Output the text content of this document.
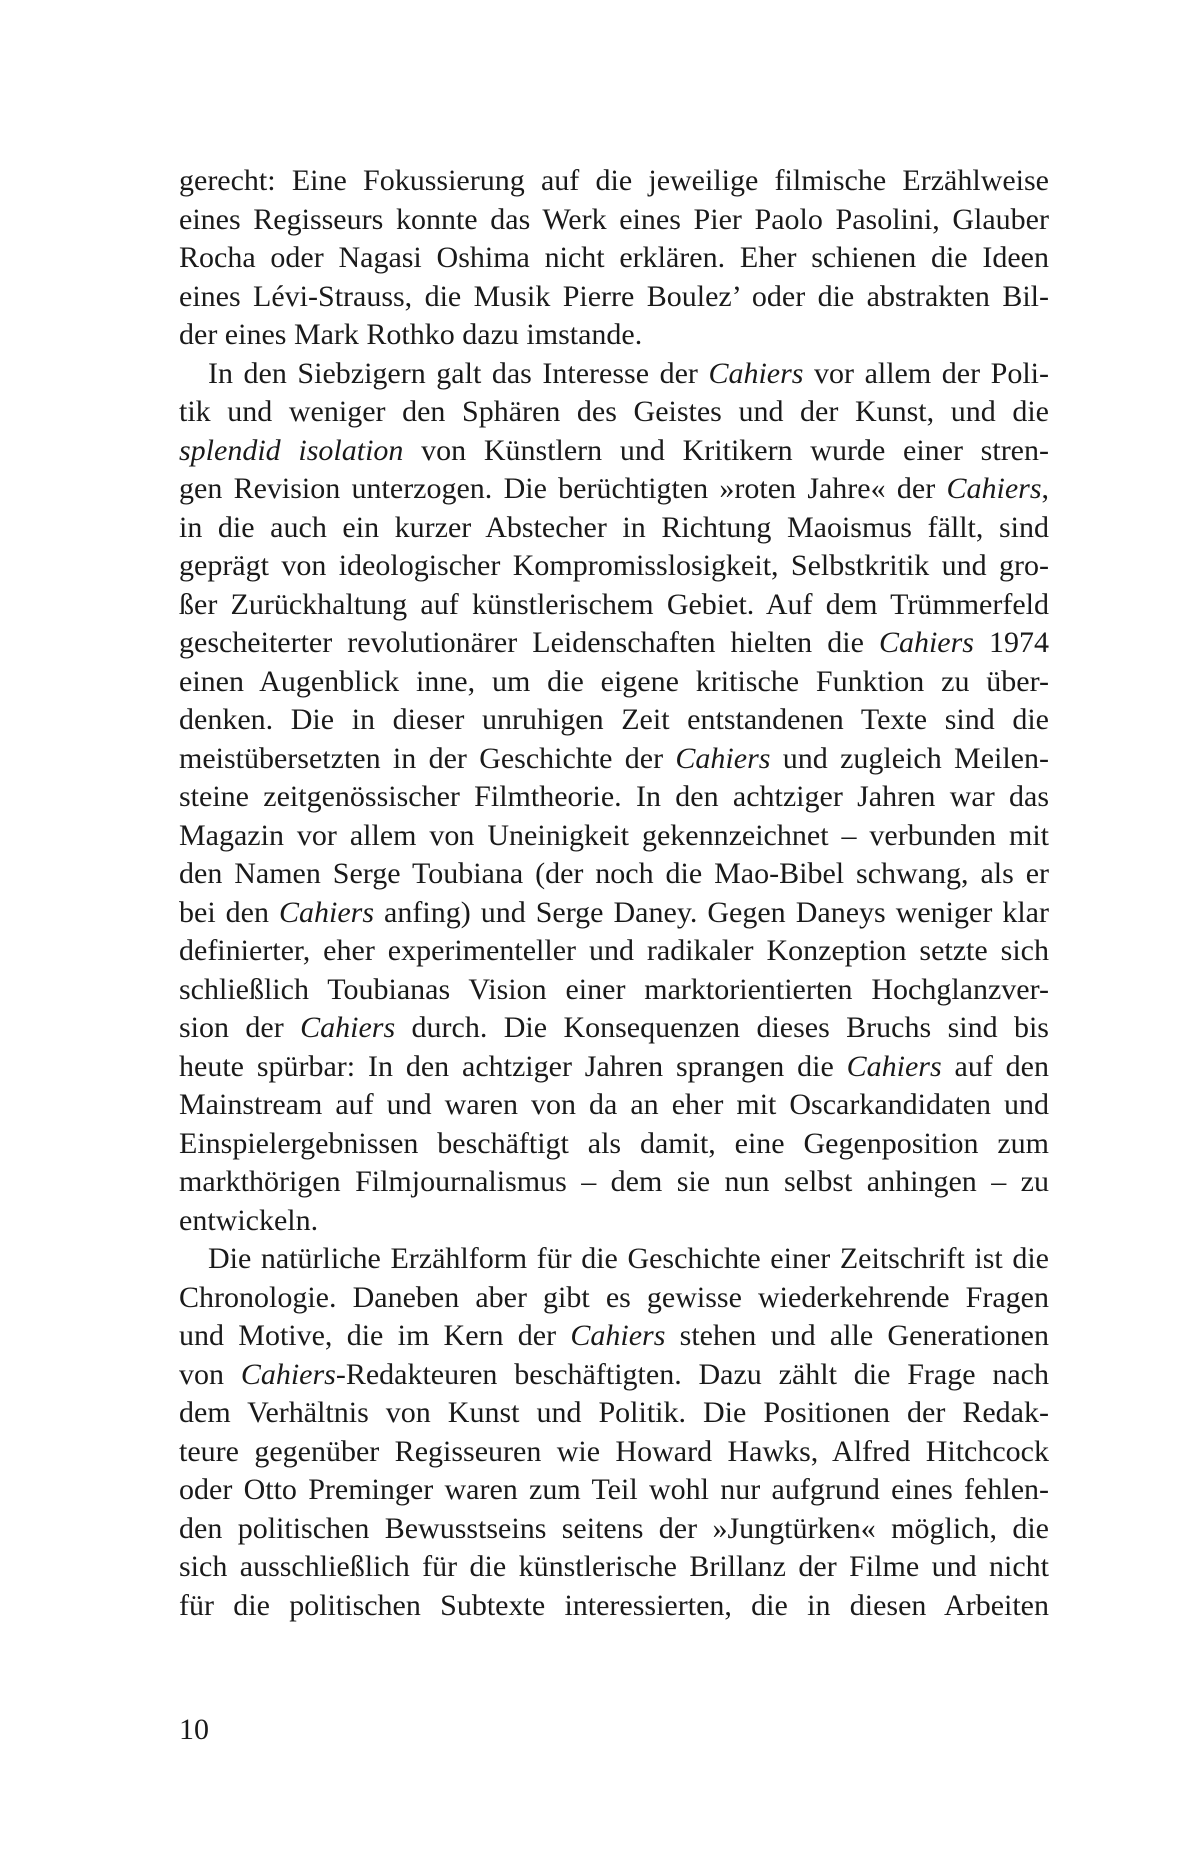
gerecht: Eine Fokussierung auf die jeweilige filmische Erzählweise
eines Regisseurs konnte das Werk eines Pier Paolo Pasolini, Glauber
Rocha oder Nagasi Oshima nicht erklären. Eher schienen die Ideen
eines Lévi-Strauss, die Musik Pierre Boulez’ oder die abstrakten Bil-
der eines Mark Rothko dazu imstande.
In den Siebzigern galt das Interesse der Cahiers vor allem der Poli-
tik und weniger den Sphären des Geistes und der Kunst, und die
splendid isolation von Künstlern und Kritikern wurde einer stren-
gen Revision unterzogen. Die berüchtigten »roten Jahre« der Cahiers,
in die auch ein kurzer Abstecher in Richtung Maoismus fällt, sind
geprägt von ideologischer Kompromisslosigkeit, Selbstkritik und gro-
ßer Zurückhaltung auf künstlerischem Gebiet. Auf dem Trümmerfeld
gescheiterter revolutionärer Leidenschaften hielten die Cahiers 1974
einen Augenblick inne, um die eigene kritische Funktion zu über-
denken. Die in dieser unruhigen Zeit entstandenen Texte sind die
meistübersetzten in der Geschichte der Cahiers und zugleich Meilen-
steine zeitgenössischer Filmtheorie. In den achtziger Jahren war das
Magazin vor allem von Uneinigkeit gekennzeichnet – verbunden mit
den Namen Serge Toubiana (der noch die Mao-Bibel schwang, als er
bei den Cahiers anfing) und Serge Daney. Gegen Daneys weniger klar
definierter, eher experimenteller und radikaler Konzeption setzte sich
schließlich Toubianas Vision einer marktorientierten Hochglanzver-
sion der Cahiers durch. Die Konsequenzen dieses Bruchs sind bis
heute spürbar: In den achtziger Jahren sprangen die Cahiers auf den
Mainstream auf und waren von da an eher mit Oscarkandidaten und
Einspielergebnissen beschäftigt als damit, eine Gegenposition zum
markthörigen Filmjournalismus – dem sie nun selbst anhingen – zu
entwickeln.
Die natürliche Erzählform für die Geschichte einer Zeitschrift ist die
Chronologie. Daneben aber gibt es gewisse wiederkehrende Fragen
und Motive, die im Kern der Cahiers stehen und alle Generationen
von Cahiers-Redakteuren beschäftigten. Dazu zählt die Frage nach
dem Verhältnis von Kunst und Politik. Die Positionen der Redak-
teure gegenüber Regisseuren wie Howard Hawks, Alfred Hitchcock
oder Otto Preminger waren zum Teil wohl nur aufgrund eines fehlen-
den politischen Bewusstseins seitens der »Jungtürken« möglich, die
sich ausschließlich für die künstlerische Brillanz der Filme und nicht
für die politischen Subtexte interessierten, die in diesen Arbeiten
10
